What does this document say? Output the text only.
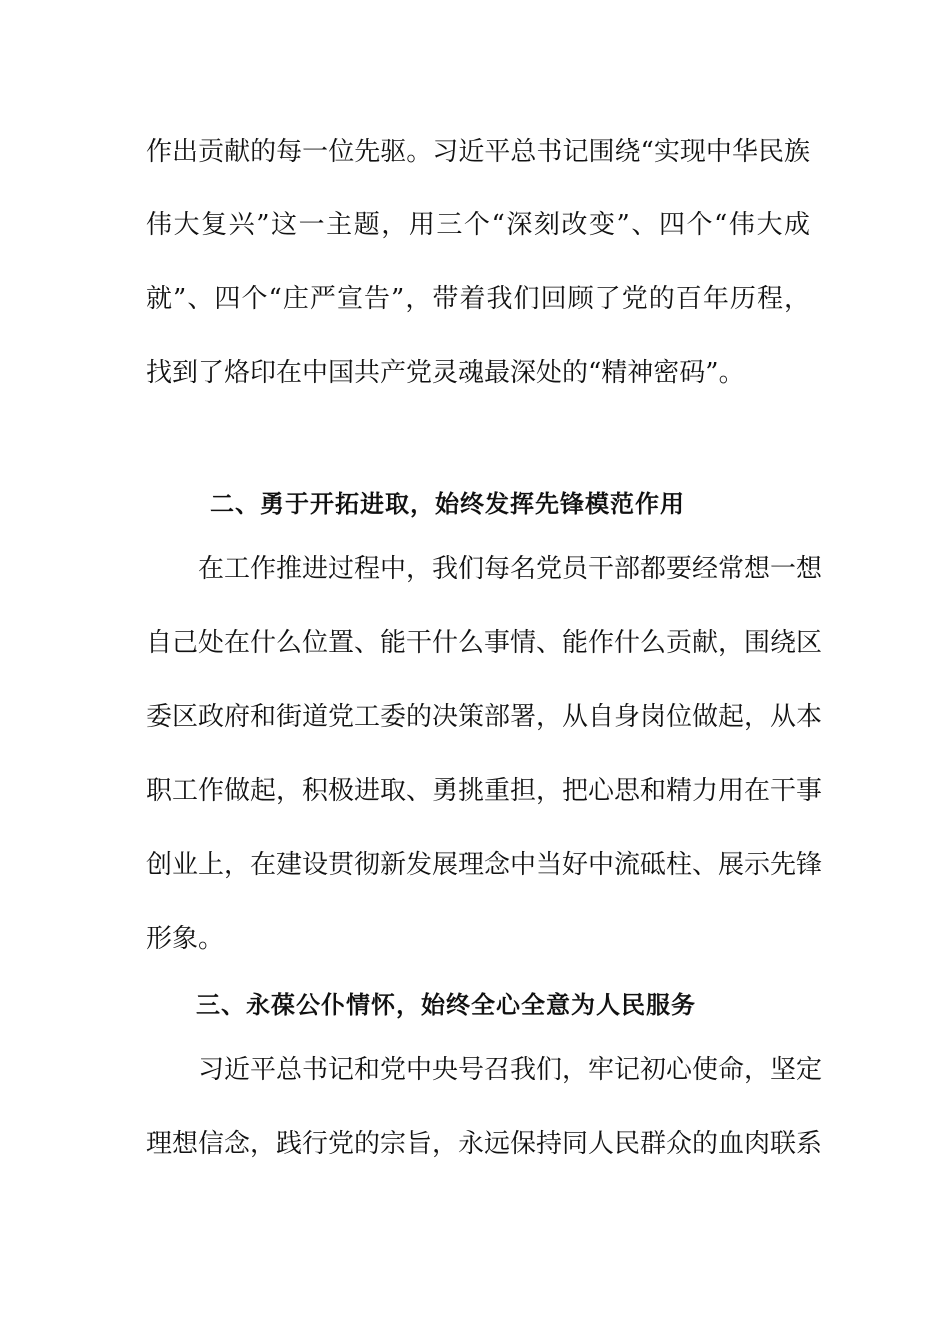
作出贡献的每一位先驱。习近平总书记围绕“实现中华民族
伟大复兴”这一主题，用三个“深刻改变”、四个“伟大成
就”、四个“庄严宣告”，带着我们回顾了党的百年历程，
找到了烙印在中国共产党灵魂最深处的“精神密码”。
二、勇于开拓进取，始终发挥先锋模范作用
在工作推进过程中，我们每名党员干部都要经常想一想
自己处在什么位置、能干什么事情、能作什么贡献，围绕区
委区政府和街道党工委的决策部署，从自身岗位做起，从本
职工作做起，积极进取、勇挑重担，把心思和精力用在干事
创业上，在建设贯彻新发展理念中当好中流砥柱、展示先锋
形象。
三、永葆公仆情怀，始终全心全意为人民服务
习近平总书记和党中央号召我们，牢记初心使命，坚定
理想信念，践行党的宗旨，永远保持同人民群众的血肉联系
